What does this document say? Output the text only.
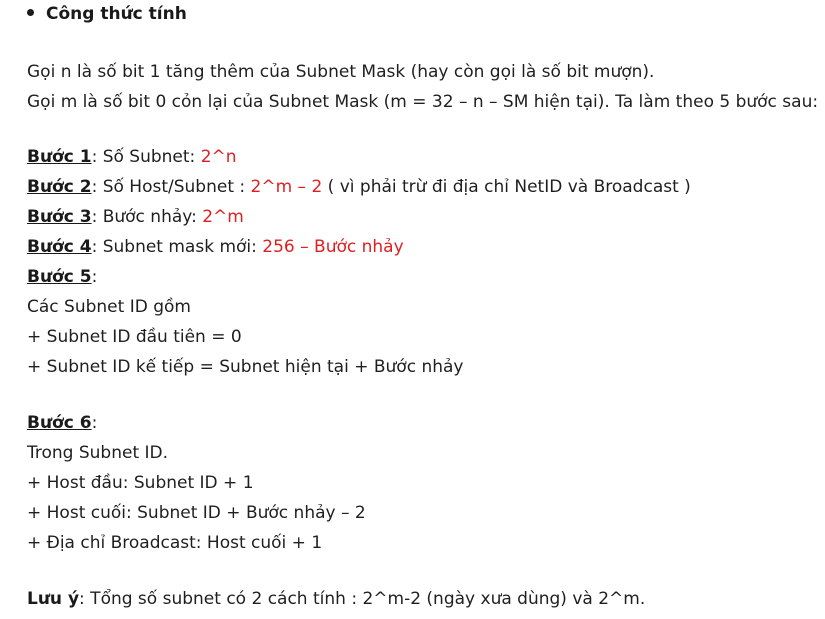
Công thức tính
Gọi n là số bit 1 tăng thêm của Subnet Mask (hay còn gọi là số bit mượn).
Gọi m là số bit 0 cỏn lại của Subnet Mask (m = 32 – n – SM hiện tại). Ta làm theo 5 bước sau:
Bước 1: Số Subnet: 2^n
Bước 2: Số Host/Subnet : 2^m – 2 ( vì phải trừ đi địa chỉ NetID và Broadcast )
Bước 3: Bước nhảy: 2^m
Bước 4: Subnet mask mới: 256 – Bước nhảy
Bước 5:
Các Subnet ID gồm
+ Subnet ID đầu tiên = 0
+ Subnet ID kế tiếp = Subnet hiện tại + Bước nhảy
Bước 6:
Trong Subnet ID.
+ Host đầu: Subnet ID + 1
+ Host cuối: Subnet ID + Bước nhảy – 2
+ Địa chỉ Broadcast: Host cuối + 1
Lưu ý: Tổng số subnet có 2 cách tính : 2^m-2 (ngày xưa dùng) và 2^m.
